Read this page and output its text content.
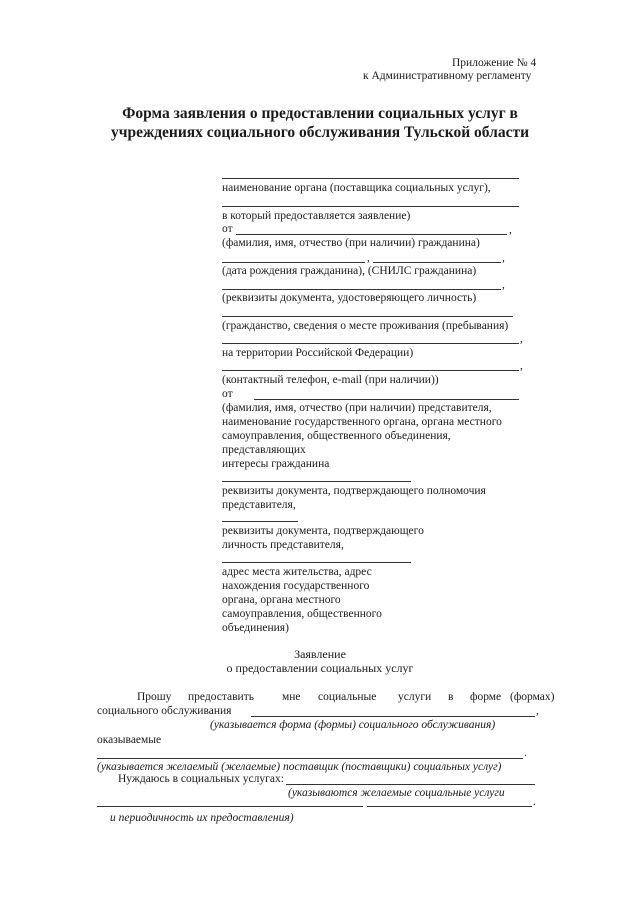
Приложение № 4
к Административному регламенту
Форма заявления о предоставлении социальных услуг в
учреждениях социального обслуживания Тульской области
наименование органа (поставщика социальных услуг),
в который предоставляется заявление)
от	,
(фамилия, имя, отчество (при наличии) гражданина)
,	,
(дата рождения гражданина), (СНИЛС гражданина)
,
(реквизиты документа, удостоверяющего личность)
(гражданство, сведения о месте проживания (пребывания)
,
на территории Российской Федерации)
,
(контактный телефон, e-mail (при наличии))
от
(фамилия, имя, отчество (при наличии) представителя,
наименование государственного органа, органа местного
самоуправления, общественного объединения,
представляющих
интересы гражданина
реквизиты документа, подтверждающего полномочия
представителя,
реквизиты документа, подтверждающего
личность представителя,
адрес места жительства, адрес
нахождения государственного
органа, органа местного
самоуправления, общественного
объединения)
Заявление
о предоставлении социальных услуг
Прошу предоставить мне социальные услуги в форме (формах)
социального обслуживания	,
(указывается форма (формы) социального обслуживания)
оказываемые
.
(указывается желаемый (желаемые) поставщик (поставщики) социальных услуг)
Нуждаюсь в социальных услугах:
(указываются желаемые социальные услуги
.
и периодичность их предоставления)
